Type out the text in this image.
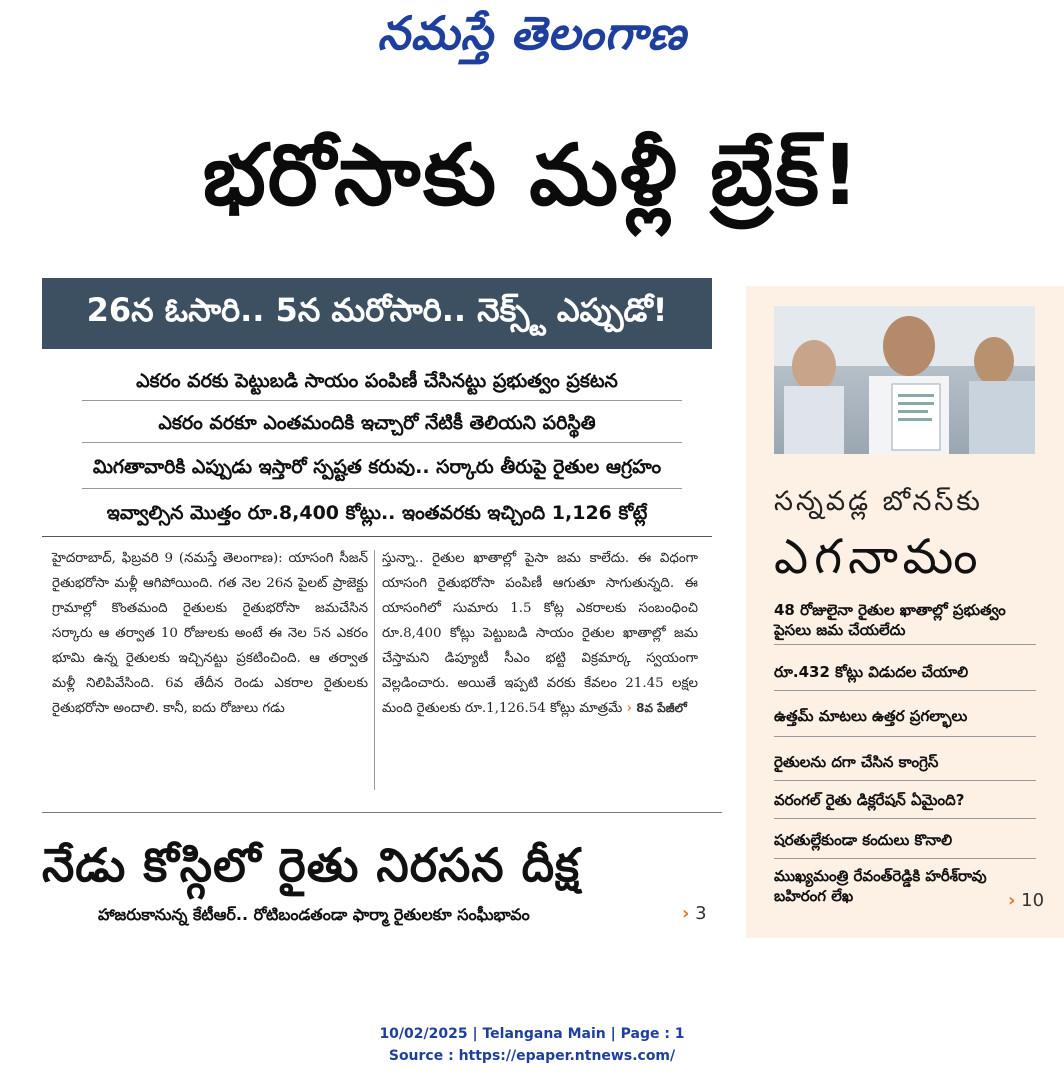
నమస్తే తెలంగాణ
భరోసాకు మళ్లీ బ్రేక్!
26న ఓసారి.. 5న మరోసారి.. నెక్స్ట్ ఎప్పుడో!
ఎకరం వరకు పెట్టుబడి సాయం పంపిణీ చేసినట్టు ప్రభుత్వం ప్రకటన
ఎకరం వరకూ ఎంతమందికి ఇచ్చారో నేటికీ తెలియని పరిస్థితి
మిగతావారికి ఎప్పుడు ఇస్తారో స్పష్టత కరువు.. సర్కారు తీరుపై రైతుల ఆగ్రహం
ఇవ్వాల్సిన మొత్తం రూ.8,400 కోట్లు.. ఇంతవరకు ఇచ్చింది 1,126 కోట్లే

హైదరాబాద్, ఫిబ్రవరి 9 (నమస్తే తెలంగాణ): యాసంగి సీజన్ రైతుభరోసా మళ్లీ ఆగిపోయింది. గత నెల 26న పైలట్ ప్రాజెక్టు గ్రామాల్లో కొంతమంది రైతులకు రైతుభరోసా జమచేసిన సర్కారు ఆ తర్వాత 10 రోజులకు అంటే ఈ నెల 5న ఎకరం భూమి ఉన్న రైతులకు ఇచ్చినట్టు ప్రకటించింది. ఆ తర్వాత మళ్లీ నిలిపివేసింది. 6వ తేదీన రెండు ఎకరాల రైతులకు రైతుభరోసా అందాలి. కానీ, ఐదు రోజులు గడు

స్తున్నా.. రైతుల ఖాతాల్లో పైసా జమ కాలేదు. ఈ విధంగా యాసంగి రైతుభరోసా పంపిణీ ఆగుతూ సాగుతున్నది. ఈ యాసంగిలో సుమారు 1.5 కోట్ల ఎకరాలకు సంబంధించి రూ.8,400 కోట్లు పెట్టుబడి సాయం రైతుల ఖాతాల్లో జమ చేస్తామని డిప్యూటీ సీఎం భట్టి విక్రమార్క స్వయంగా వెల్లడించారు. అయితే ఇప్పటి వరకు కేవలం 21.45 లక్షల మంది రైతులకు రూ.1,126.54 కోట్లు మాత్రమే › 8వ పేజీలో

నేడు కోస్గిలో రైతు నిరసన దీక్ష
హాజరుకానున్న కేటీఆర్.. రోటిబండతండా ఫార్మా రైతులకూ సంఘీభావం	› 3
సన్నవడ్ల బోనస్‌కు
ఎగనామం
48 రోజులైనా రైతుల ఖాతాల్లో ప్రభుత్వం పైసలు జమ చేయలేదు
రూ.432 కోట్లు విడుదల చేయాలి
ఉత్తమ్ మాటలు ఉత్తర ప్రగల్భాలు
రైతులను దగా చేసిన కాంగ్రెస్
వరంగల్ రైతు డిక్లరేషన్ ఏమైంది?
షరతుల్లేకుండా కందులు కొనాలి
ముఖ్యమంత్రి రేవంత్‌రెడ్డికి హరీశ్‌రావు బహిరంగ లేఖ	› 10
10/02/2025 | Telangana Main | Page : 1
Source : https://epaper.ntnews.com/
